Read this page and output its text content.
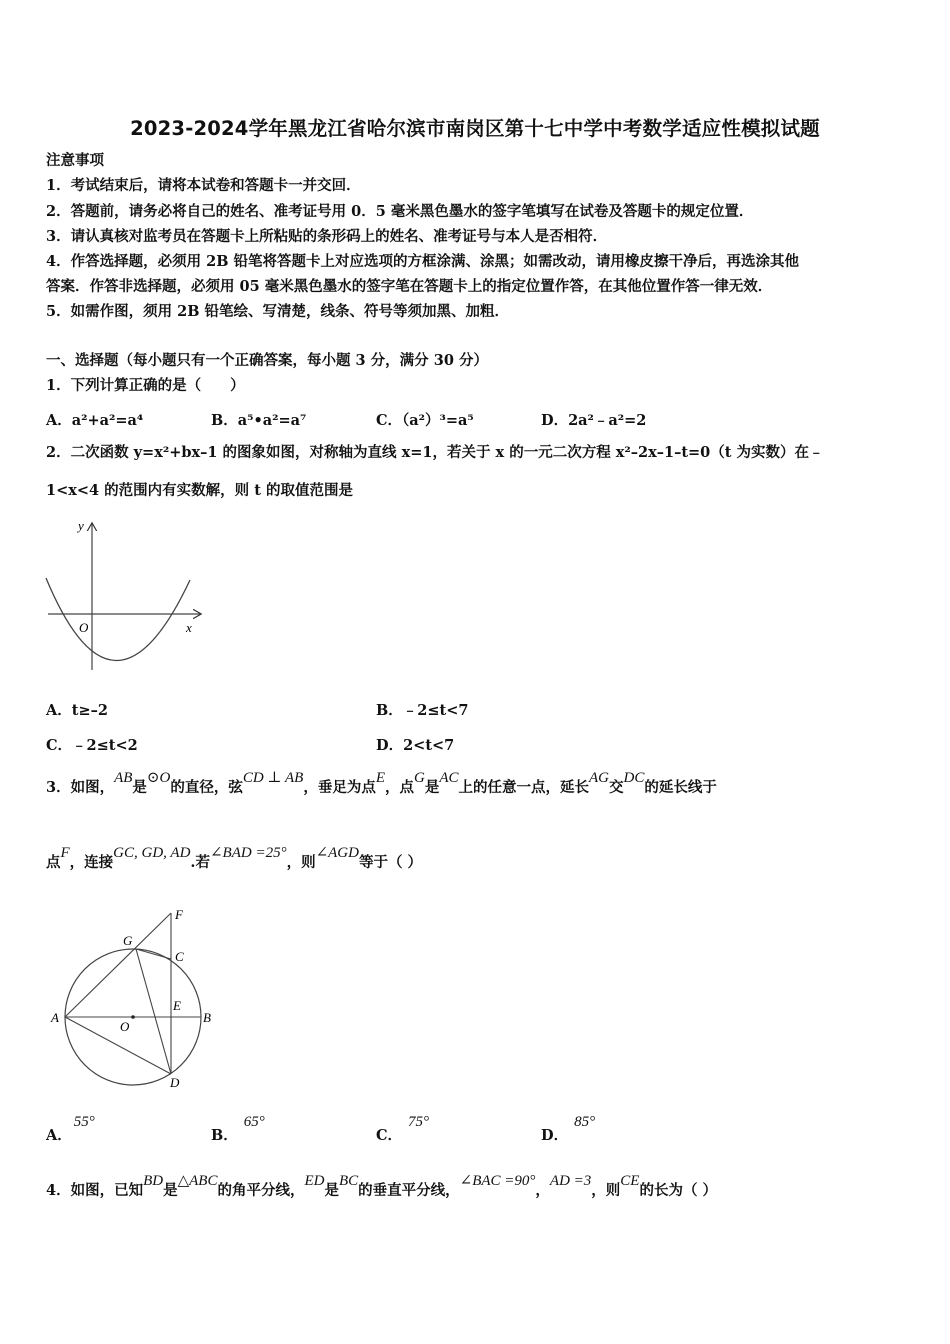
2023-2024学年黑龙江省哈尔滨市南岗区第十七中学中考数学适应性模拟试题
注意事项
1．考试结束后，请将本试卷和答题卡一并交回．
2．答题前，请务必将自己的姓名、准考证号用 0．5 毫米黑色墨水的签字笔填写在试卷及答题卡的规定位置．
3．请认真核对监考员在答题卡上所粘贴的条形码上的姓名、准考证号与本人是否相符．
4．作答选择题，必须用 2B 铅笔将答题卡上对应选项的方框涂满、涂黑；如需改动，请用橡皮擦干净后，再选涂其他
答案．作答非选择题，必须用 05 毫米黑色墨水的签字笔在答题卡上的指定位置作答，在其他位置作答一律无效．
5．如需作图，须用 2B 铅笔绘、写清楚，线条、符号等须加黑、加粗．
一、选择题（每小题只有一个正确答案，每小题 3 分，满分 30 分）
1．下列计算正确的是（　　）
A．a²+a²=a⁴	B．a⁵•a²=a⁷	C．（a²）³=a⁵	D．2a²﹣a²=2
2．二次函数 y=x²+bx–1 的图象如图，对称轴为直线 x=1，若关于 x 的一元二次方程 x²–2x–1–t=0（t 为实数）在﹣
1<x<4 的范围内有实数解，则 t 的取值范围是
y
x
O
A．t≥–2	B．﹣2≤t<7
C．﹣2≤t<2	D．2<t<7
3．如图，AB是⊙O的直径，弦CD ⊥ AB，垂足为点E，点G是AC上的任意一点，延长AG交DC的延长线于
点F，连接GC, GD, AD.若∠BAD =25°，则∠AGD等于（ ）
F
G
C
E
A
O
B
D
A．55°
B．65°
C．75°
D．85°
4．如图，已知BD是△ABC的角平分线，ED是BC的垂直平分线，∠BAC =90°，AD =3，则CE的长为（ ）
